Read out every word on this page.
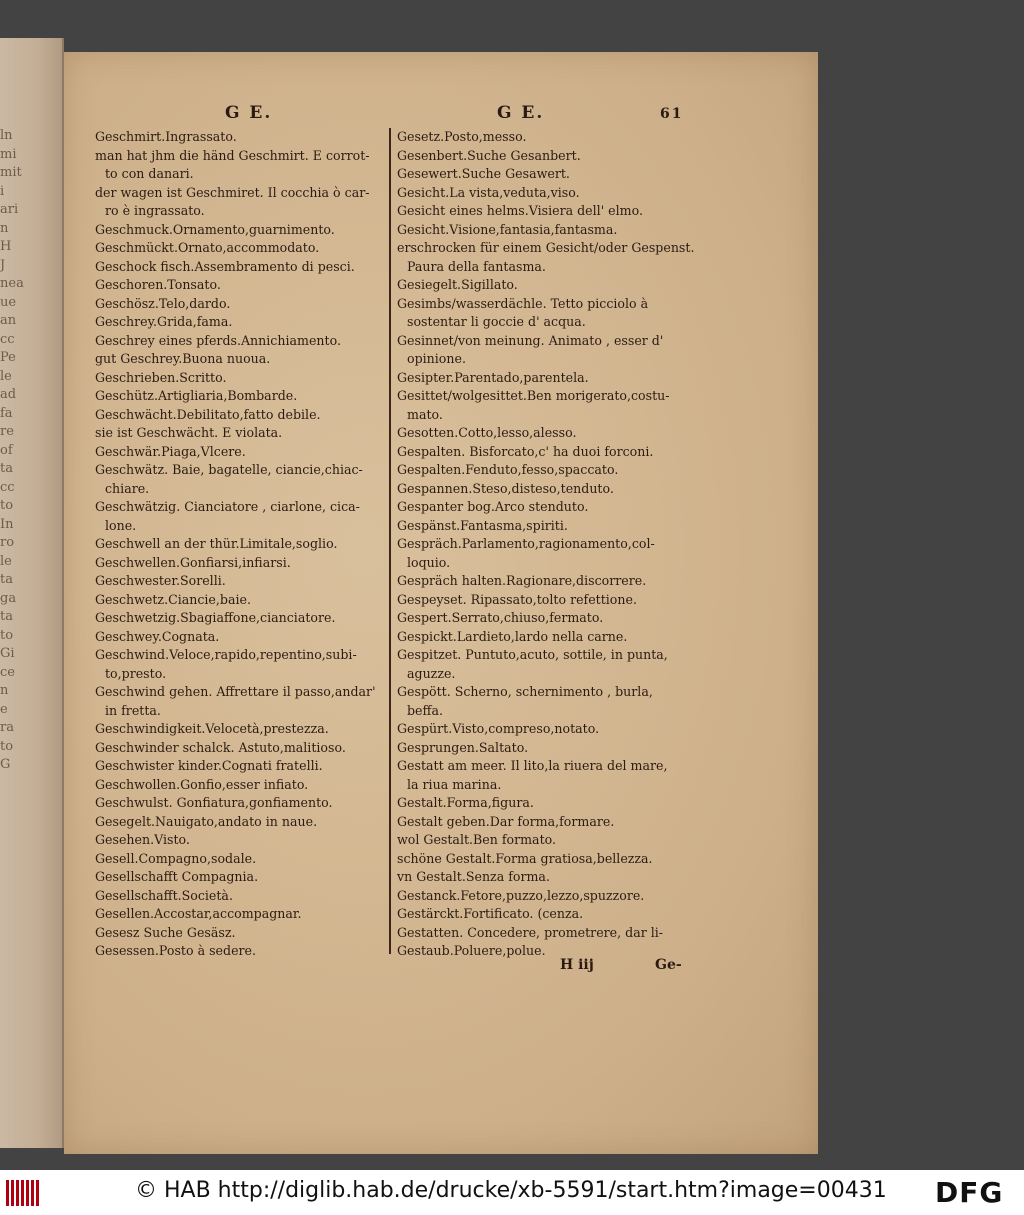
ln
mi
mit
i
ari
n
H
J
nea
ue
an
cc
Pe
le
ad
fa
re
of
ta
cc
to
In
ro
le
ta
ga
ta
to
Gi
ce
n
e
ra
to
G
G E.	G E.	61
Geschmirt.Ingrassato.
man hat jhm die händ Geschmirt. E corrot-
to con danari.
der wagen ist Geschmiret. Il cocchia ò car-
ro è ingrassato.
Geschmuck.Ornamento,guarnimento.
Geschmückt.Ornato,accommodato.
Geschock fisch.Assembramento di pesci.
Geschoren.Tonsato.
Geschösz.Telo,dardo.
Geschrey.Grida,fama.
Geschrey eines pferds.Annichiamento.
gut Geschrey.Buona nuoua.
Geschrieben.Scritto.
Geschütz.Artigliaria,Bombarde.
Geschwächt.Debilitato,fatto debile.
sie ist Geschwächt. E violata.
Geschwär.Piaga,Vlcere.
Geschwätz. Baie, bagatelle, ciancie,chiac-
chiare.
Geschwätzig. Cianciatore , ciarlone, cica-
lone.
Geschwell an der thür.Limitale,soglio.
Geschwellen.Gonfiarsi,infiarsi.
Geschwester.Sorelli.
Geschwetz.Ciancie,baie.
Geschwetzig.Sbagiaffone,cianciatore.
Geschwey.Cognata.
Geschwind.Veloce,rapido,repentino,subi-
to,presto.
Geschwind gehen. Affrettare il passo,andar'
in fretta.
Geschwindigkeit.Velocetà,prestezza.
Geschwinder schalck. Astuto,malitioso.
Geschwister kinder.Cognati fratelli.
Geschwollen.Gonfio,esser infiato.
Geschwulst. Gonfiatura,gonfiamento.
Gesegelt.Nauigato,andato in naue.
Gesehen.Visto.
Gesell.Compagno,sodale.
Gesellschafft Compagnia.
Gesellschafft.Società.
Gesellen.Accostar,accompagnar.
Gesesz Suche Gesäsz.
Gesessen.Posto à sedere.
Gesetz.Posto,messo.
Gesenbert.Suche Gesanbert.
Gesewert.Suche Gesawert.
Gesicht.La vista,veduta,viso.
Gesicht eines helms.Visiera dell' elmo.
Gesicht.Visione,fantasia,fantasma.
erschrocken für einem Gesicht/oder Gespenst.
Paura della fantasma.
Gesiegelt.Sigillato.
Gesimbs/wasserdächle. Tetto picciolo à
sostentar li goccie d' acqua.
Gesinnet/von meinung. Animato , esser d'
opinione.
Gesipter.Parentado,parentela.
Gesittet/wolgesittet.Ben morigerato,costu-
mato.
Gesotten.Cotto,lesso,alesso.
Gespalten. Bisforcato,c' ha duoi forconi.
Gespalten.Fenduto,fesso,spaccato.
Gespannen.Steso,disteso,tenduto.
Gespanter bog.Arco stenduto.
Gespänst.Fantasma,spiriti.
Gespräch.Parlamento,ragionamento,col-
loquio.
Gespräch halten.Ragionare,discorrere.
Gespeyset. Ripassato,tolto refettione.
Gespert.Serrato,chiuso,fermato.
Gespickt.Lardieto,lardo nella carne.
Gespitzet. Puntuto,acuto, sottile, in punta,
aguzze.
Gespött. Scherno, schernimento , burla,
beffa.
Gespürt.Visto,compreso,notato.
Gesprungen.Saltato.
Gestatt am meer. Il lito,la riuera del mare,
la riua marina.
Gestalt.Forma,figura.
Gestalt geben.Dar forma,formare.
wol Gestalt.Ben formato.
schöne Gestalt.Forma gratiosa,bellezza.
vn Gestalt.Senza forma.
Gestanck.Fetore,puzzo,lezzo,spuzzore.
Gestärckt.Fortificato. (cenza.
Gestatten. Concedere, prometrere, dar li-
Gestaub.Poluere,polue.
H iij	Ge-
© HAB http://diglib.hab.de/drucke/xb-5591/start.htm?image=00431 DFG
